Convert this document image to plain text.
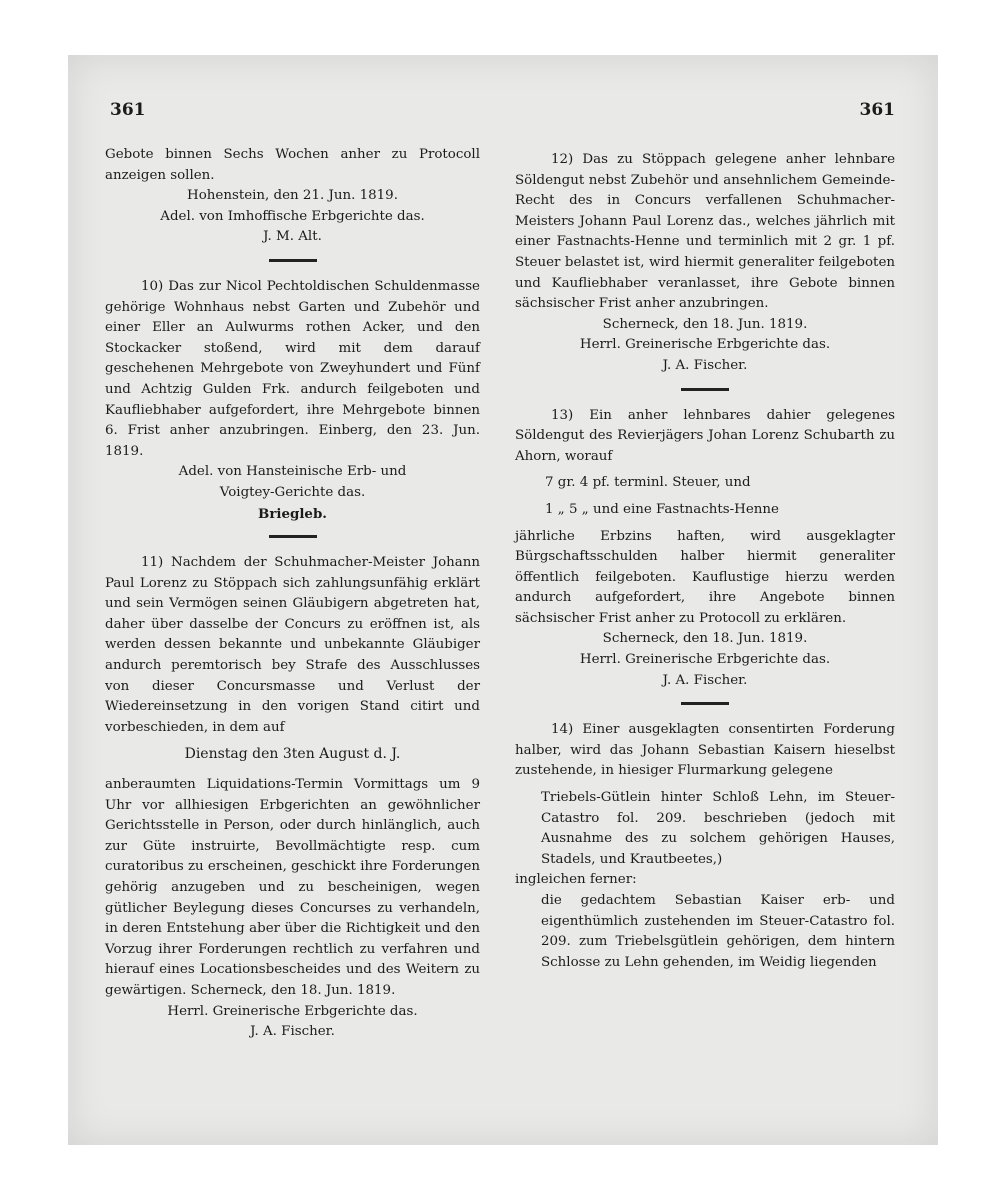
361	361

Gebote binnen Sechs Wochen anher zu Protocoll anzeigen sollen.

Hohenstein, den 21. Jun. 1819.

Adel. von Imhoffische Erbgerichte das.

J. M. Alt.

10) Das zur Nicol Pechtoldischen Schuldenmasse gehörige Wohnhaus nebst Garten und Zubehör und einer Eller an Aulwurms rothen Acker, und den Stockacker stoßend, wird mit dem darauf geschehenen Mehrgebote von Zweyhundert und Fünf und Achtzig Gulden Frk. andurch feilgeboten und Kaufliebhaber aufgefordert, ihre Mehrgebote binnen 6. Frist anher anzubringen. Einberg, den 23. Jun. 1819.

Adel. von Hansteinische Erb- und

Voigtey-Gerichte das.

Briegleb.

11) Nachdem der Schuhmacher-Meister Johann Paul Lorenz zu Stöppach sich zahlungsunfähig erklärt und sein Vermögen seinen Gläubigern abgetreten hat, daher über dasselbe der Concurs zu eröffnen ist, als werden dessen bekannte und unbekannte Gläubiger andurch peremtorisch bey Strafe des Ausschlusses von dieser Concursmasse und Verlust der Wiedereinsetzung in den vorigen Stand citirt und vorbeschieden, in dem auf

Dienstag den 3ten August d. J.

anberaumten Liquidations-Termin Vormittags um 9 Uhr vor allhiesigen Erbgerichten an gewöhnlicher Gerichtsstelle in Person, oder durch hinlänglich, auch zur Güte instruirte, Bevollmächtigte resp. cum curatoribus zu erscheinen, geschickt ihre Forderungen gehörig anzugeben und zu bescheinigen, wegen gütlicher Beylegung dieses Concurses zu verhandeln, in deren Entstehung aber über die Richtigkeit und den Vorzug ihrer Forderungen rechtlich zu verfahren und hierauf eines Locationsbescheides und des Weitern zu gewärtigen. Scherneck, den 18. Jun. 1819.

Herrl. Greinerische Erbgerichte das.

J. A. Fischer.

12) Das zu Stöppach gelegene anher lehnbare Söldengut nebst Zubehör und ansehnlichem Gemeinde-Recht des in Concurs verfallenen Schuhmacher-Meisters Johann Paul Lorenz das., welches jährlich mit einer Fastnachts-Henne und terminlich mit 2 gr. 1 pf. Steuer belastet ist, wird hiermit generaliter feilgeboten und Kaufliebhaber veranlasset, ihre Gebote binnen sächsischer Frist anher anzubringen.

Scherneck, den 18. Jun. 1819.

Herrl. Greinerische Erbgerichte das.

J. A. Fischer.

13) Ein anher lehnbares dahier gelegenes Söldengut des Revierjägers Johan Lorenz Schubarth zu Ahorn, worauf

7 gr. 4 pf. terminl. Steuer, und

1 „ 5 „ und eine Fastnachts-Henne

jährliche Erbzins haften, wird ausgeklagter Bürgschaftsschulden halber hiermit generaliter öffentlich feilgeboten. Kauflustige hierzu werden andurch aufgefordert, ihre Angebote binnen sächsischer Frist anher zu Protocoll zu erklären.

Scherneck, den 18. Jun. 1819.

Herrl. Greinerische Erbgerichte das.

J. A. Fischer.

14) Einer ausgeklagten consentirten Forderung halber, wird das Johann Sebastian Kaisern hieselbst zustehende, in hiesiger Flurmarkung gelegene

Triebels-Gütlein hinter Schloß Lehn, im Steuer-Catastro fol. 209. beschrieben (jedoch mit Ausnahme des zu solchem gehörigen Hauses, Stadels, und Krautbeetes,)

ingleichen ferner:

die gedachtem Sebastian Kaiser erb- und eigenthümlich zustehenden im Steuer-Catastro fol. 209. zum Triebelsgütlein gehörigen, dem hintern Schlosse zu Lehn gehenden, im Weidig liegenden
